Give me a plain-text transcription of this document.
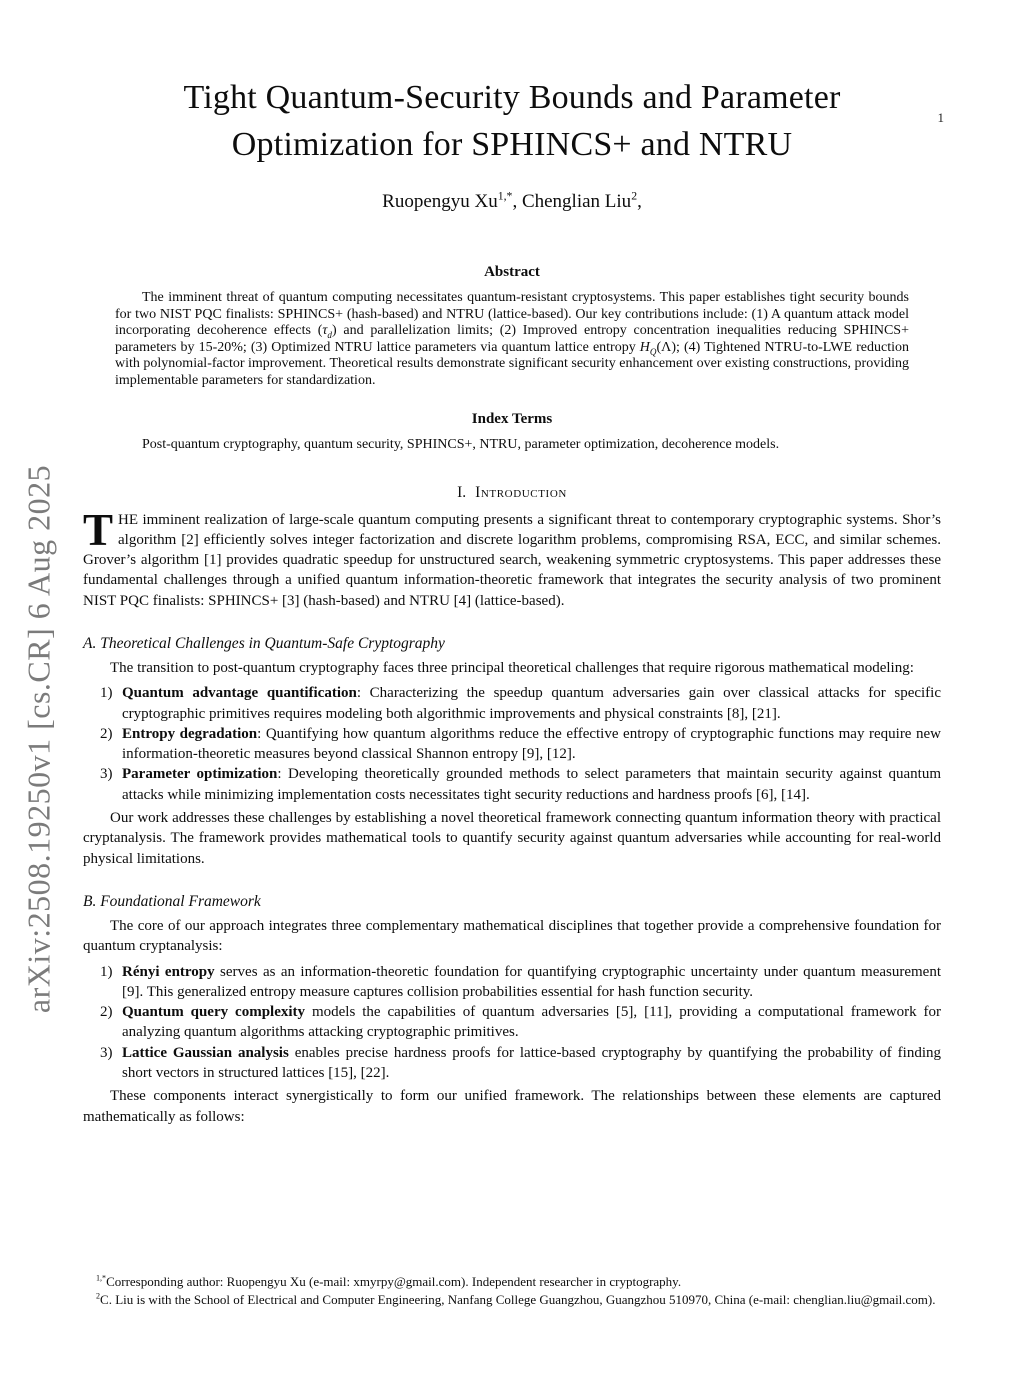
1
arXiv:2508.19250v1 [cs.CR] 6 Aug 2025
Tight Quantum-Security Bounds and Parameter Optimization for SPHINCS+ and NTRU
Ruopengyu $Xu^{1,*}$, Chenglian Liu$^2$,
Abstract

The imminent threat of quantum computing necessitates quantum-resistant cryptosystems. This paper establishes tight security bounds for two NIST PQC finalists: SPHINCS+ (hash-based) and NTRU (lattice-based). Our key contributions include: (1) A quantum attack model incorporating decoherence effects $(\tau_d)$ and parallelization limits; (2) Improved entropy concentration inequalities reducing SPHINCS+ parameters by 15-20%; (3) Optimized NTRU lattice parameters via quantum lattice entropy $H_Q(\Lambda)$; (4) Tightened NTRU-to-LWE reduction with polynomial-factor improvement. Theoretical results demonstrate significant security enhancement over existing constructions, providing implementable parameters for standardization.

Index Terms

Post-quantum cryptography, quantum security, SPHINCS+, NTRU, parameter optimization, decoherence models.

I. Introduction

THE imminent realization of large-scale quantum computing presents a significant threat to contemporary cryptographic systems. Shor’s algorithm [2] efficiently solves integer factorization and discrete logarithm problems, compromising RSA, ECC, and similar schemes. Grover’s algorithm [1] provides quadratic speedup for unstructured search, weakening symmetric cryptosystems. This paper addresses these fundamental challenges through a unified quantum information-theoretic framework that integrates the security analysis of two prominent NIST PQC finalists: SPHINCS+ [3] (hash-based) and NTRU [4] (lattice-based).

A. Theoretical Challenges in Quantum-Safe Cryptography

The transition to post-quantum cryptography faces three principal theoretical challenges that require rigorous mathematical modeling:

1) Quantum advantage quantification: Characterizing the speedup quantum adversaries gain over classical attacks for specific cryptographic primitives requires modeling both algorithmic improvements and physical constraints [8], [21].
2) Entropy degradation: Quantifying how quantum algorithms reduce the effective entropy of cryptographic functions may require new information-theoretic measures beyond classical Shannon entropy [9], [12].
3) Parameter optimization: Developing theoretically grounded methods to select parameters that maintain security against quantum attacks while minimizing implementation costs necessitates tight security reductions and hardness proofs [6], [14].

Our work addresses these challenges by establishing a novel theoretical framework connecting quantum information theory with practical cryptanalysis. The framework provides mathematical tools to quantify security against quantum adversaries while accounting for real-world physical limitations.

B. Foundational Framework

The core of our approach integrates three complementary mathematical disciplines that together provide a comprehensive foundation for quantum cryptanalysis:

1) Rényi entropy serves as an information-theoretic foundation for quantifying cryptographic uncertainty under quantum measurement [9]. This generalized entropy measure captures collision probabilities essential for hash function security.
2) Quantum query complexity models the capabilities of quantum adversaries [5], [11], providing a computational framework for analyzing quantum algorithms attacking cryptographic primitives.
3) Lattice Gaussian analysis enables precise hardness proofs for lattice-based cryptography by quantifying the probability of finding short vectors in structured lattices [15], [22].

These components interact synergistically to form our unified framework. The relationships between these elements are captured mathematically as follows:

$^{1,*}$Corresponding author: Ruopengyu Xu (e-mail: xmyrpy@gmail.com). Independent researcher in cryptography.

$^2$C. Liu is with the School of Electrical and Computer Engineering, Nanfang College Guangzhou, Guangzhou 510970, China (e-mail: chenglian.liu@gmail.com).
